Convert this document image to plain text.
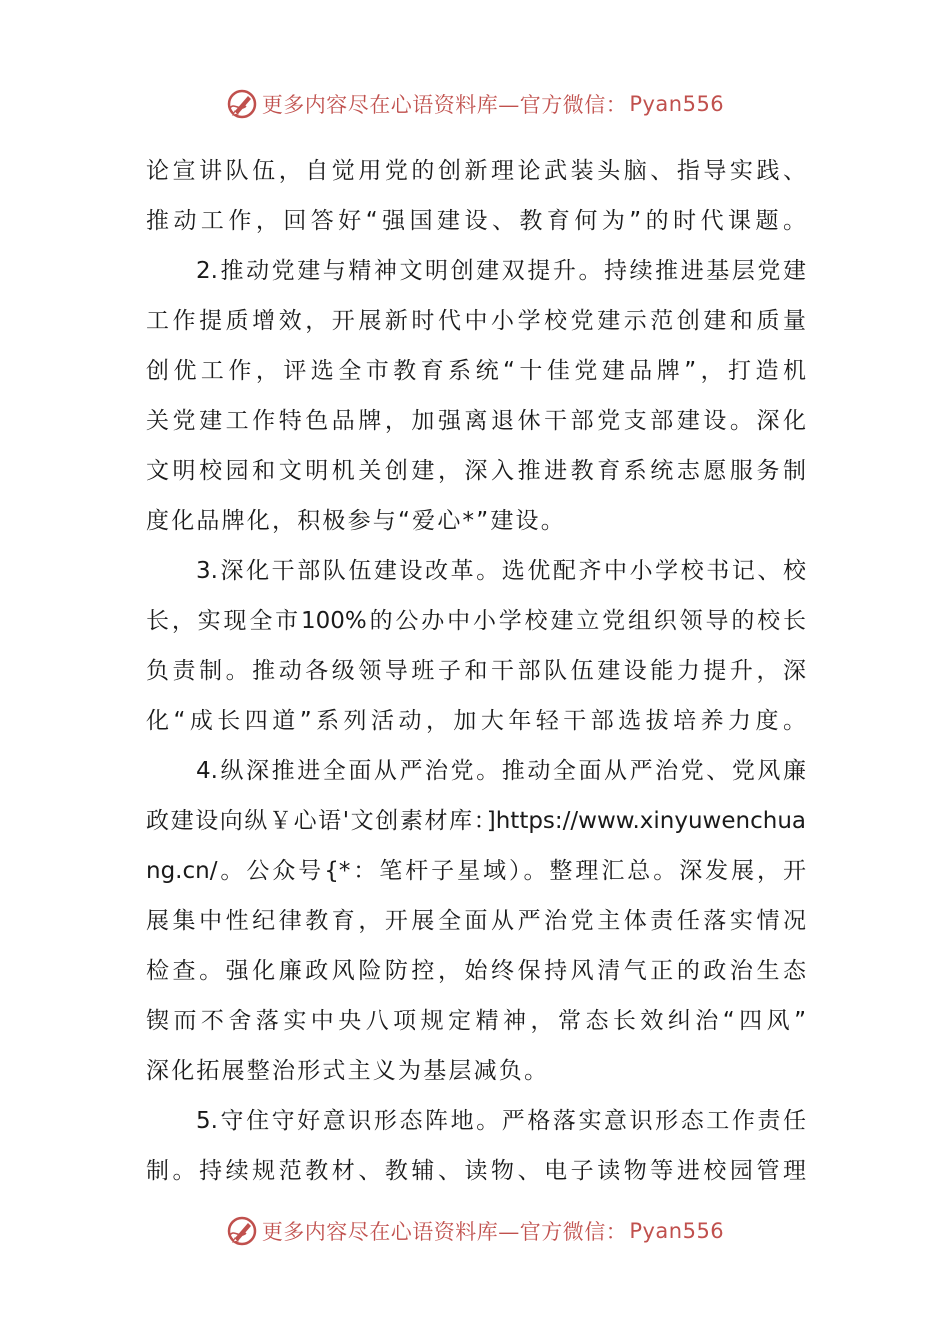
更多内容尽在心语资料库—官方微信： Pyan556
论宣讲队伍，自觉用党的创新理论武装头脑、指导实践、
推动工作，回答好“强国建设、教育何为”的时代课题。
2.推动党建与精神文明创建双提升。持续推进基层党建
工作提质增效，开展新时代中小学校党建示范创建和质量
创优工作，评选全市教育系统“十佳党建品牌”，打造机
关党建工作特色品牌，加强离退休干部党支部建设。深化
文明校园和文明机关创建，深入推进教育系统志愿服务制
度化品牌化，积极参与“爱心*”建设。
3.深化干部队伍建设改革。选优配齐中小学校书记、校
长，实现全市100%的公办中小学校建立党组织领导的校长
负责制。推动各级领导班子和干部队伍建设能力提升，深
化“成长四道”系列活动，加大年轻干部选拔培养力度。
4.纵深推进全面从严治党。推动全面从严治党、党风廉
政建设向纵￥心语'文创素材库：]https://www.xinyuwenchua
ng.cn/。公众号{*：笔杆子星域）。整理汇总。深发展，开
展集中性纪律教育，开展全面从严治党主体责任落实情况
检查。强化廉政风险防控，始终保持风清气正的政治生态
锲而不舍落实中央八项规定精神，常态长效纠治“四风”
深化拓展整治形式主义为基层减负。
5.守住守好意识形态阵地。严格落实意识形态工作责任
制。持续规范教材、教辅、读物、电子读物等进校园管理
更多内容尽在心语资料库—官方微信： Pyan556
